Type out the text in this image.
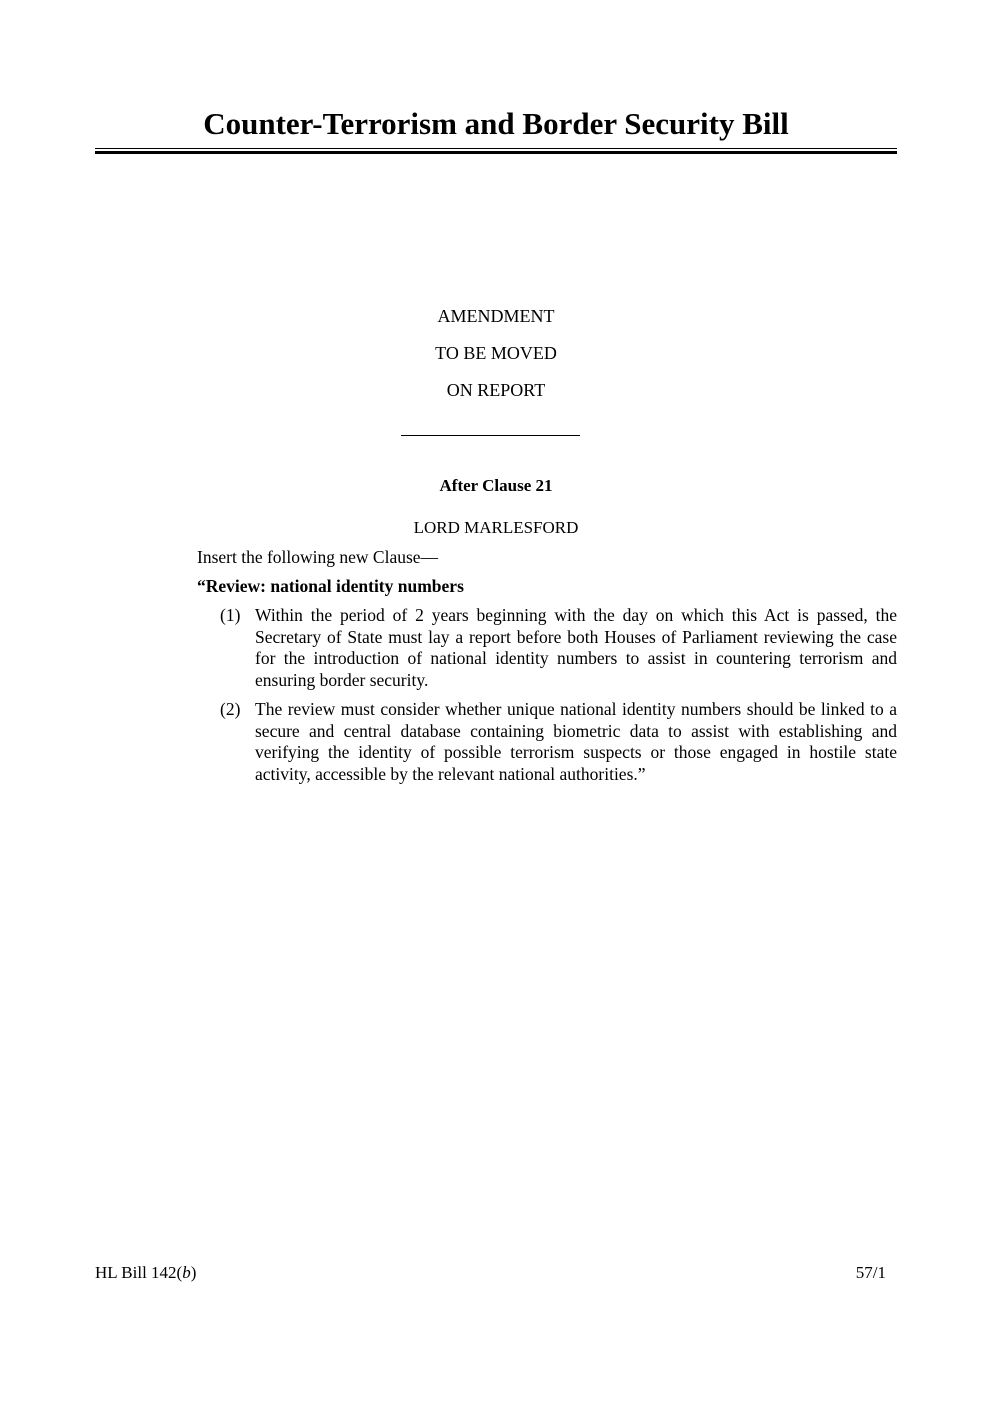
Counter-Terrorism and Border Security Bill
AMENDMENT
TO BE MOVED
ON REPORT
After Clause 21
LORD MARLESFORD
Insert the following new Clause—
“Review: national identity numbers
(1) Within the period of 2 years beginning with the day on which this Act is passed, the Secretary of State must lay a report before both Houses of Parliament reviewing the case for the introduction of national identity numbers to assist in countering terrorism and ensuring border security.
(2) The review must consider whether unique national identity numbers should be linked to a secure and central database containing biometric data to assist with establishing and verifying the identity of possible terrorism suspects or those engaged in hostile state activity, accessible by the relevant national authorities.”
HL Bill 142(b)	57/1
